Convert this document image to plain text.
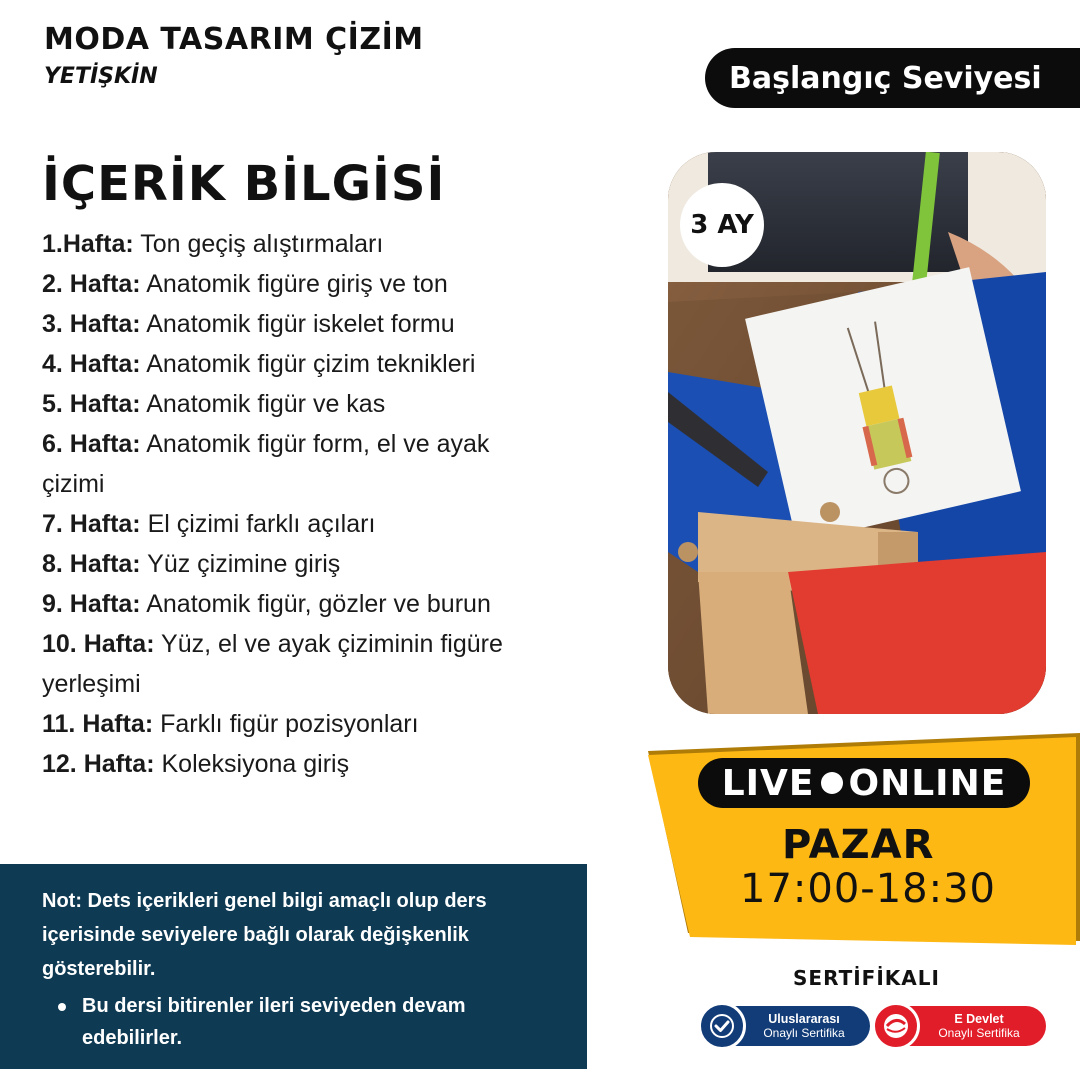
MODA TASARIM ÇİZİM
YETİŞKİN	Başlangıç Seviyesi
İÇERİK BİLGİSİ
1.Hafta: Ton geçiş alıştırmaları
2. Hafta: Anatomik figüre giriş ve ton
3. Hafta: Anatomik figür iskelet formu
4. Hafta: Anatomik figür çizim teknikleri
5. Hafta: Anatomik figür ve kas
6. Hafta: Anatomik figür form, el ve ayak çizimi
7. Hafta: El çizimi farklı açıları
8. Hafta: Yüz çizimine giriş
9. Hafta: Anatomik figür, gözler ve burun
10. Hafta: Yüz, el ve ayak çiziminin figüre yerleşimi
11. Hafta: Farklı figür pozisyonları
12. Hafta: Koleksiyona giriş

Not: Dets içerikleri genel bilgi amaçlı olup ders içerisinde seviyelere bağlı olarak değişkenlik gösterebilir.

Bu dersi bitirenler ileri seviyeden devam edebilirler.
3 AY
LIVE ONLINE
PAZAR
17:00-18:30
SERTİFİKALI
Uluslararası
Onaylı Sertifika
E Devlet
Onaylı Sertifika
